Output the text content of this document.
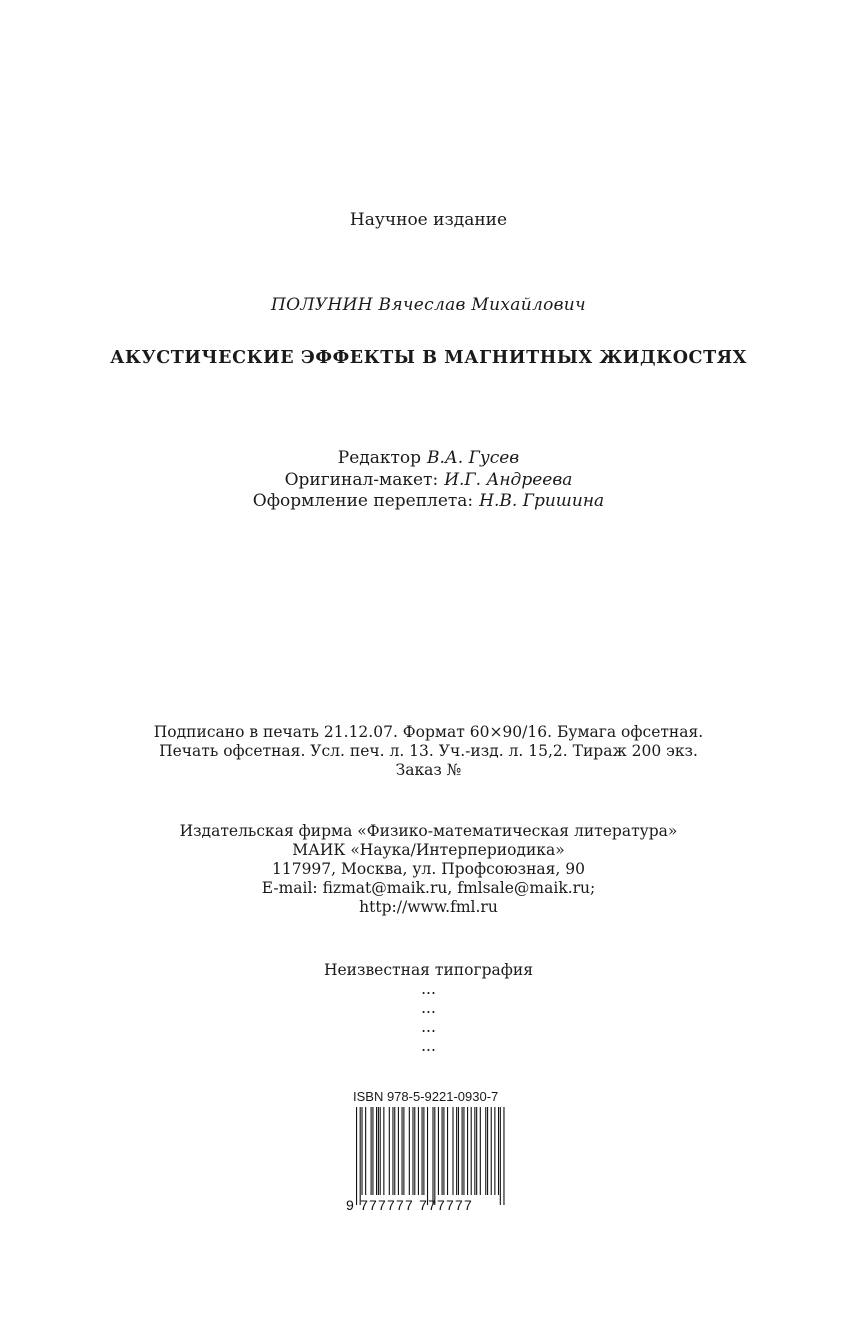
Научное издание
ПОЛУНИН Вячеслав Михайлович
АКУСТИЧЕСКИЕ ЭФФЕКТЫ В МАГНИТНЫХ ЖИДКОСТЯХ
Редактор В.А. Гусев
Оригинал-макет: И.Г. Андреева
Оформление переплета: Н.В. Гришина
Подписано в печать 21.12.07. Формат 60×90/16. Бумага офсетная.
Печать офсетная. Усл. печ. л. 13. Уч.-изд. л. 15,2. Тираж 200 экз.
Заказ №
Издательская фирма «Физико-математическая литература»
МАИК «Наука/Интерпериодика»
117997, Москва, ул. Профсоюзная, 90
E-mail: fizmat@maik.ru, fmlsale@maik.ru;
http://www.fml.ru
Неизвестная типография
...
...
...
...
ISBN 978-5-9221-0930-7
9 777777 777777
